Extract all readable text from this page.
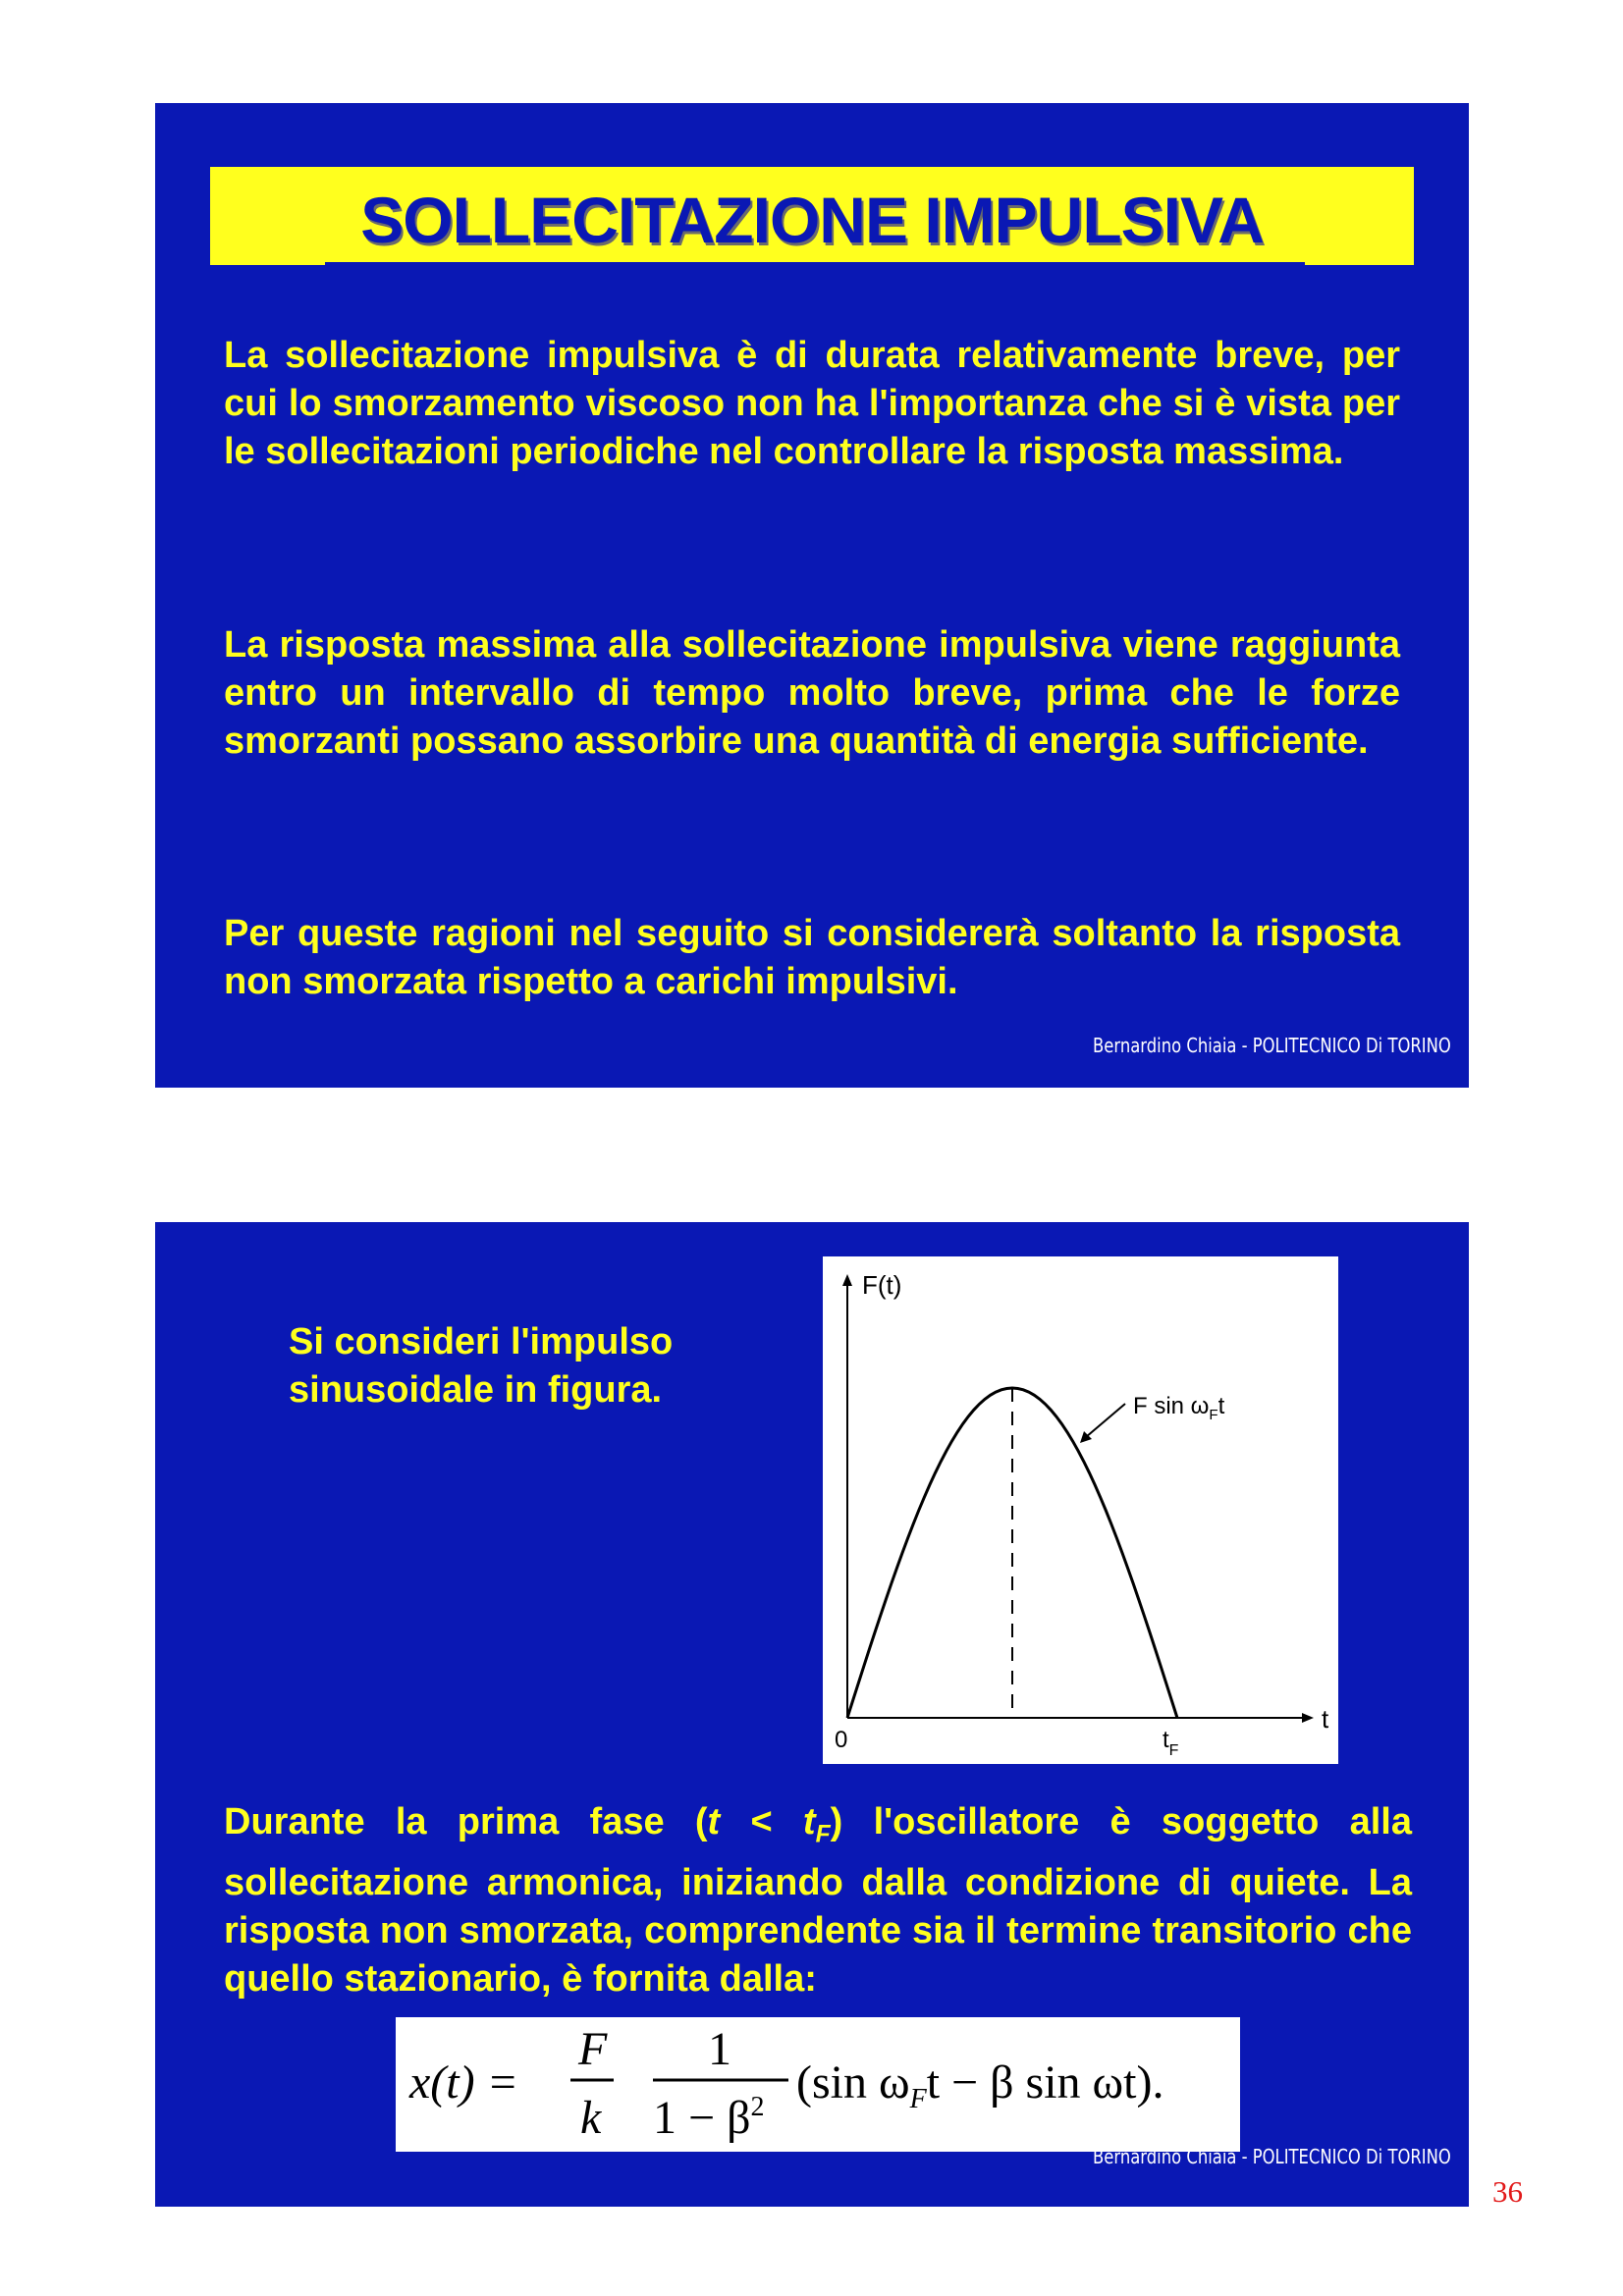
SOLLECITAZIONE IMPULSIVA

La sollecitazione impulsiva è di durata relativamente breve, per cui lo smorzamento viscoso non ha l'importanza che si è vista per le sollecitazioni periodiche nel controllare la risposta massima.

La risposta massima alla sollecitazione impulsiva viene raggiunta entro un intervallo di tempo molto breve, prima che le forze smorzanti possano assorbire una quantità di energia sufficiente.

Per queste ragioni nel seguito si considererà soltanto la risposta non smorzata rispetto a carichi impulsivi.

Bernardino Chiaia - POLITECNICO Di TORINO

Si consideri l'impulso sinusoidale in figura.

F(t)
t
0	$t_F$
F $\sin \omega_Ft$

Durante la prima fase $(t < t_F)$ l'oscillatore è soggetto alla sollecitazione armonica, iniziando dalla condizione di quiete. La risposta non smorzata, comprendente sia il termine transitorio che quello stazionario, è fornita dalla:

x(t) =
F
k
1
$1 - \beta^2$ (sin $\omega_Ft - \beta$ sin ωt).
Bernardino Chiaia - POLITECNICO Di TORINO
36
